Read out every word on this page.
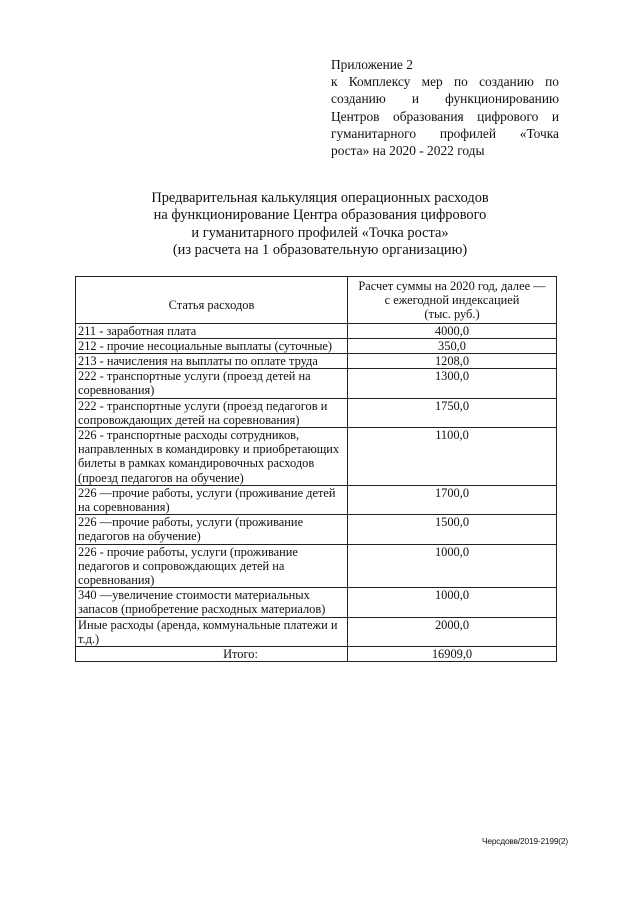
Приложение 2
к Комплексу мер по созданию по
созданию и функционированию
Центров образования цифрового и
гуманитарного профилей «Точка
роста» на 2020 - 2022 годы
Предварительная калькуляция операционных расходов
на функционирование Центра образования цифрового
и гуманитарного профилей «Точка роста»
(из расчета на 1 образовательную организацию)
Статья расходов	Расчет суммы на 2020 год, далее —
с ежегодной индексацией
(тыс. руб.)

211 - заработная плата	4000,0
212 - прочие несоциальные выплаты (суточные)	350,0
213 - начисления на выплаты по оплате труда	1208,0
222 - транспортные услуги (проезд детей на соревнования)	1300,0
222 - транспортные услуги (проезд педагогов и сопровождающих детей на соревнования)	1750,0
226 - транспортные расходы сотрудников, направленных в командировку и приобретающих билеты в рамках командировочных расходов (проезд педагогов на обучение)	1100,0
226 —прочие работы, услуги (проживание детей на соревнования)	1700,0
226 —прочие работы, услуги (проживание педагогов на обучение)	1500,0
226 - прочие работы, услуги (проживание педагогов и сопровождающих детей на соревнования)	1000,0
340 —увеличение стоимости материальных запасов (приобретение расходных материалов)	1000,0
Иные расходы (аренда, коммунальные платежи и т.д.)	2000,0
Итого:	16909,0
Черсдовв/2019-2199(2)
